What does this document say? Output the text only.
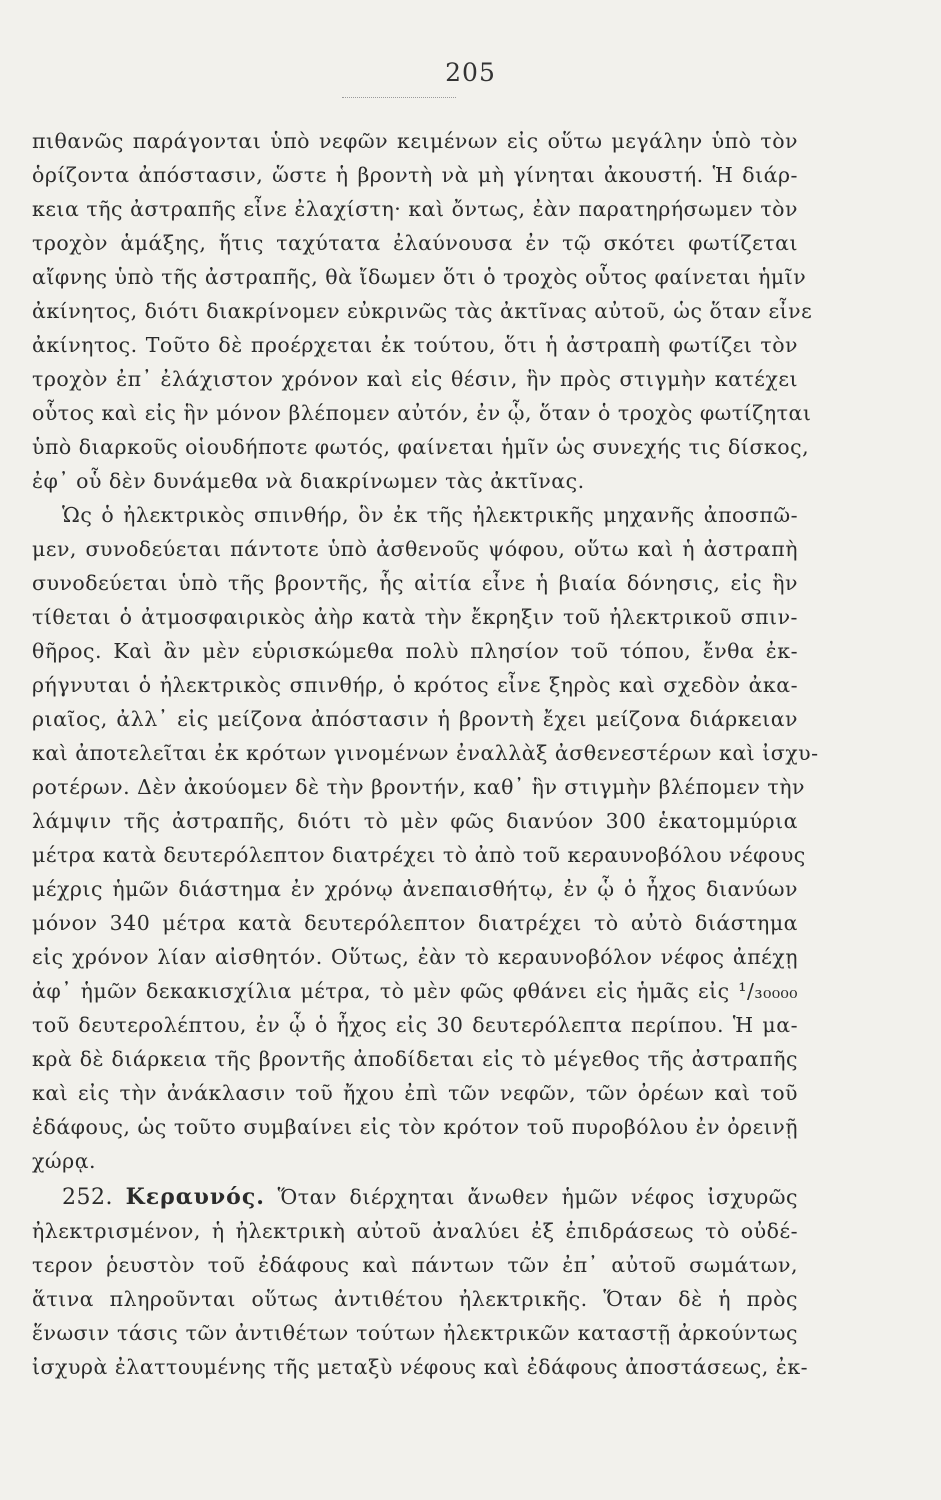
205
πιθανῶς παράγονται ὑπὸ νεφῶν κειμένων εἰς οὕτω μεγάλην ὑπὸ τὸν
ὁρίζοντα ἀπόστασιν, ὥστε ἡ βροντὴ νὰ μὴ γίνηται ἀκουστή. Ἡ διάρ-
κεια τῆς ἀστραπῆς εἶνε ἐλαχίστη· καὶ ὄντως, ἐὰν παρατηρήσωμεν τὸν
τροχὸν ἁμάξης, ἥτις ταχύτατα ἐλαύνουσα ἐν τῷ σκότει φωτίζεται
αἴφνης ὑπὸ τῆς ἀστραπῆς, θὰ ἴδωμεν ὅτι ὁ τροχὸς οὗτος φαίνεται ἡμῖν
ἀκίνητος, διότι διακρίνομεν εὐκρινῶς τὰς ἀκτῖνας αὐτοῦ, ὡς ὅταν εἶνε
ἀκίνητος. Τοῦτο δὲ προέρχεται ἐκ τούτου, ὅτι ἡ ἀστραπὴ φωτίζει τὸν
τροχὸν ἐπ᾽ ἐλάχιστον χρόνον καὶ εἰς θέσιν, ἣν πρὸς στιγμὴν κατέχει
οὗτος καὶ εἰς ἣν μόνον βλέπομεν αὐτόν, ἐν ᾧ, ὅταν ὁ τροχὸς φωτίζηται
ὑπὸ διαρκοῦς οἱουδήποτε φωτός, φαίνεται ἡμῖν ὡς συνεχής τις δίσκος,
ἐφ᾽ οὗ δὲν δυνάμεθα νὰ διακρίνωμεν τὰς ἀκτῖνας.
Ὡς ὁ ἠλεκτρικὸς σπινθήρ, ὃν ἐκ τῆς ἠλεκτρικῆς μηχανῆς ἀποσπῶ-
μεν, συνοδεύεται πάντοτε ὑπὸ ἀσθενοῦς ψόφου, οὕτω καὶ ἡ ἀστραπὴ
συνοδεύεται ὑπὸ τῆς βροντῆς, ἧς αἰτία εἶνε ἡ βιαία δόνησις, εἰς ἣν
τίθεται ὁ ἀτμοσφαιρικὸς ἀὴρ κατὰ τὴν ἔκρηξιν τοῦ ἠλεκτρικοῦ σπιν-
θῆρος. Καὶ ἂν μὲν εὑρισκώμεθα πολὺ πλησίον τοῦ τόπου, ἔνθα ἐκ-
ρήγνυται ὁ ἠλεκτρικὸς σπινθήρ, ὁ κρότος εἶνε ξηρὸς καὶ σχεδὸν ἀκα-
ριαῖος, ἀλλ᾽ εἰς μείζονα ἀπόστασιν ἡ βροντὴ ἔχει μείζονα διάρκειαν
καὶ ἀποτελεῖται ἐκ κρότων γινομένων ἐναλλὰξ ἀσθενεστέρων καὶ ἰσχυ-
ροτέρων. Δὲν ἀκούομεν δὲ τὴν βροντήν, καθ᾽ ἣν στιγμὴν βλέπομεν τὴν
λάμψιν τῆς ἀστραπῆς, διότι τὸ μὲν φῶς διανύον 300 ἑκατομμύρια
μέτρα κατὰ δευτερόλεπτον διατρέχει τὸ ἀπὸ τοῦ κεραυνοβόλου νέφους
μέχρις ἡμῶν διάστημα ἐν χρόνῳ ἀνεπαισθήτῳ, ἐν ᾧ ὁ ἦχος διανύων
μόνον 340 μέτρα κατὰ δευτερόλεπτον διατρέχει τὸ αὐτὸ διάστημα
εἰς χρόνον λίαν αἰσθητόν. Οὕτως, ἐὰν τὸ κεραυνοβόλον νέφος ἀπέχῃ
ἀφ᾽ ἡμῶν δεκακισχίλια μέτρα, τὸ μὲν φῶς φθάνει εἰς ἡμᾶς εἰς ¹/₃₀₀₀₀
τοῦ δευτερολέπτου, ἐν ᾧ ὁ ἦχος εἰς 30 δευτερόλεπτα περίπου. Ἡ μα-
κρὰ δὲ διάρκεια τῆς βροντῆς ἀποδίδεται εἰς τὸ μέγεθος τῆς ἀστραπῆς
καὶ εἰς τὴν ἀνάκλασιν τοῦ ἤχου ἐπὶ τῶν νεφῶν, τῶν ὀρέων καὶ τοῦ
ἐδάφους, ὡς τοῦτο συμβαίνει εἰς τὸν κρότον τοῦ πυροβόλου ἐν ὀρεινῇ
χώρᾳ.
252. Κεραυνός. Ὅταν διέρχηται ἄνωθεν ἡμῶν νέφος ἰσχυρῶς
ἠλεκτρισμένον, ἡ ἠλεκτρικὴ αὐτοῦ ἀναλύει ἐξ ἐπιδράσεως τὸ οὐδέ-
τερον ῥευστὸν τοῦ ἐδάφους καὶ πάντων τῶν ἐπ᾽ αὐτοῦ σωμάτων,
ἅτινα πληροῦνται οὕτως ἀντιθέτου ἠλεκτρικῆς. Ὅταν δὲ ἡ πρὸς
ἕνωσιν τάσις τῶν ἀντιθέτων τούτων ἠλεκτρικῶν καταστῇ ἀρκούντως
ἰσχυρὰ ἐλαττουμένης τῆς μεταξὺ νέφους καὶ ἐδάφους ἀποστάσεως, ἐκ-
